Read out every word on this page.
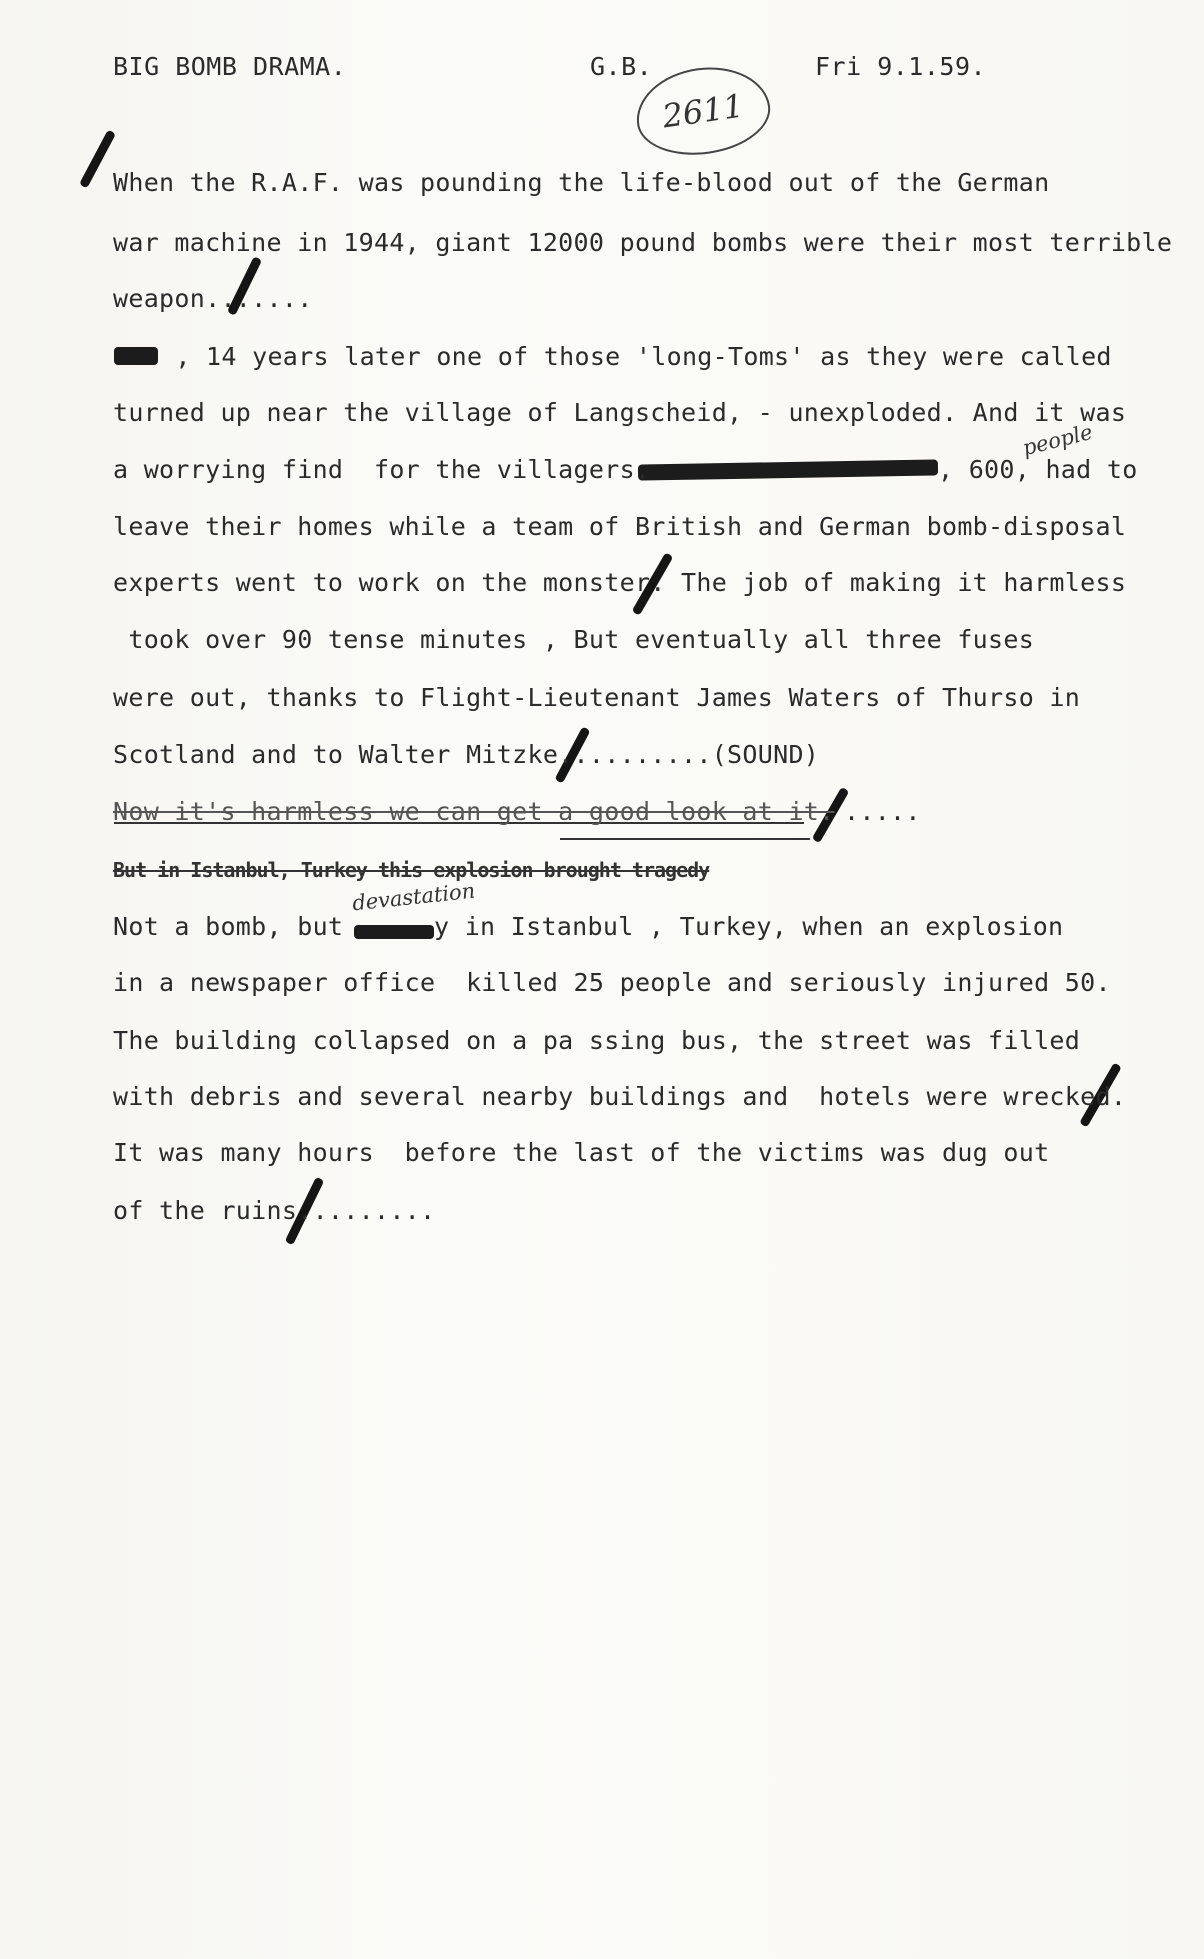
BIG BOMB DRAMA.	G.B.	Fri 9.1.59.
2611
people
devastation
When the R.A.F. was pounding the life-blood out of the German
war machine in 1944, giant 12000 pound bombs were their most terrible
weapon.......
, 14 years later one of those 'long-Toms' as they were called
turned up near the village of Langscheid, - unexploded. And it was
a worrying find  for the villagers.	, 600, had to
leave their homes while a team of British and German bomb-disposal
experts went to work on the monster. The job of making it harmless
took over 90 tense minutes , But eventually all three fuses
were out, thanks to Flight-Lieutenant James Waters of Thurso in
Scotland and to Walter Mitzke..........(SOUND)
Now it's harmless we can get a good look at it. .....
But in Istanbul, Turkey this explosion brought tragedy
Not a bomb, but	y in Istanbul , Turkey, when an explosion
in a newspaper office  killed 25 people and seriously injured 50.
The building collapsed on a pa ssing bus, the street was filled
with debris and several nearby buildings and  hotels were wrecked.
It was many hours  before the last of the victims was dug out
of the ruins.........
